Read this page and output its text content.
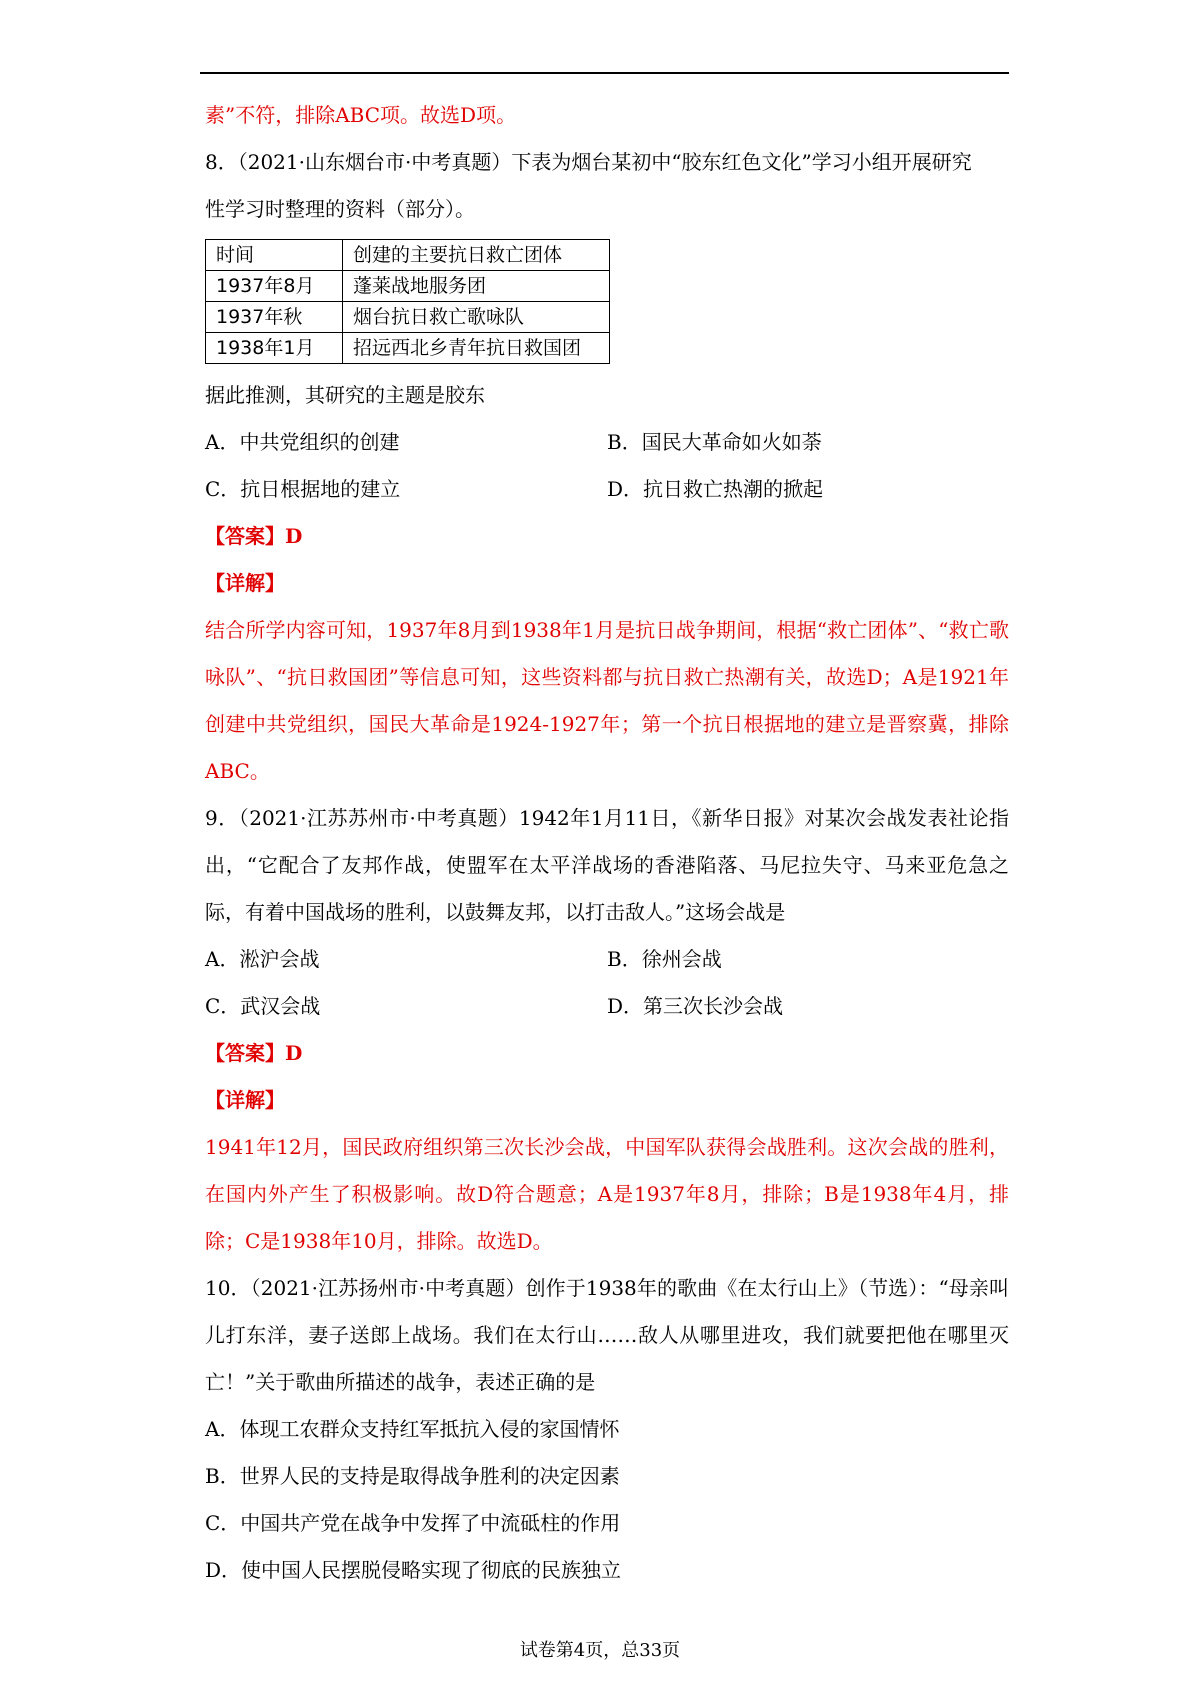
素”不符，排除ABC项。故选D项。
8．（2021·山东烟台市·中考真题）下表为烟台某初中“胶东红色文化”学习小组开展研究
性学习时整理的资料（部分）。
时间	创建的主要抗日救亡团体
1937年8月	蓬莱战地服务团
1937年秋	烟台抗日救亡歌咏队
1938年1月	招远西北乡青年抗日救国团
据此推测，其研究的主题是胶东
A．中共党组织的创建	B．国民大革命如火如荼
C．抗日根据地的建立	D．抗日救亡热潮的掀起
【答案】D
【详解】
结合所学内容可知，1937年8月到1938年1月是抗日战争期间，根据“救亡团体”、“救亡歌咏队”、“抗日救国团”等信息可知，这些资料都与抗日救亡热潮有关，故选D；A是1921年创建中共党组织，国民大革命是1924-1927年；第一个抗日根据地的建立是晋察冀，排除ABC。
9．（2021·江苏苏州市·中考真题）1942年1月11日，《新华日报》对某次会战发表社论指出，“它配合了友邦作战，使盟军在太平洋战场的香港陷落、马尼拉失守、马来亚危急之际，有着中国战场的胜利，以鼓舞友邦，以打击敌人。”这场会战是
A．淞沪会战	B．徐州会战
C．武汉会战	D．第三次长沙会战
【答案】D
【详解】
1941年12月，国民政府组织第三次长沙会战，中国军队获得会战胜利。这次会战的胜利，在国内外产生了积极影响。故D符合题意；A是1937年8月，排除；B是1938年4月，排除；C是1938年10月，排除。故选D。
10．（2021·江苏扬州市·中考真题）创作于1938年的歌曲《在太行山上》（节选）：“母亲叫儿打东洋，妻子送郎上战场。我们在太行山……敌人从哪里进攻，我们就要把他在哪里灭亡！”关于歌曲所描述的战争，表述正确的是
A．体现工农群众支持红军抵抗入侵的家国情怀
B．世界人民的支持是取得战争胜利的决定因素
C．中国共产党在战争中发挥了中流砥柱的作用
D．使中国人民摆脱侵略实现了彻底的民族独立
试卷第4页，总33页
